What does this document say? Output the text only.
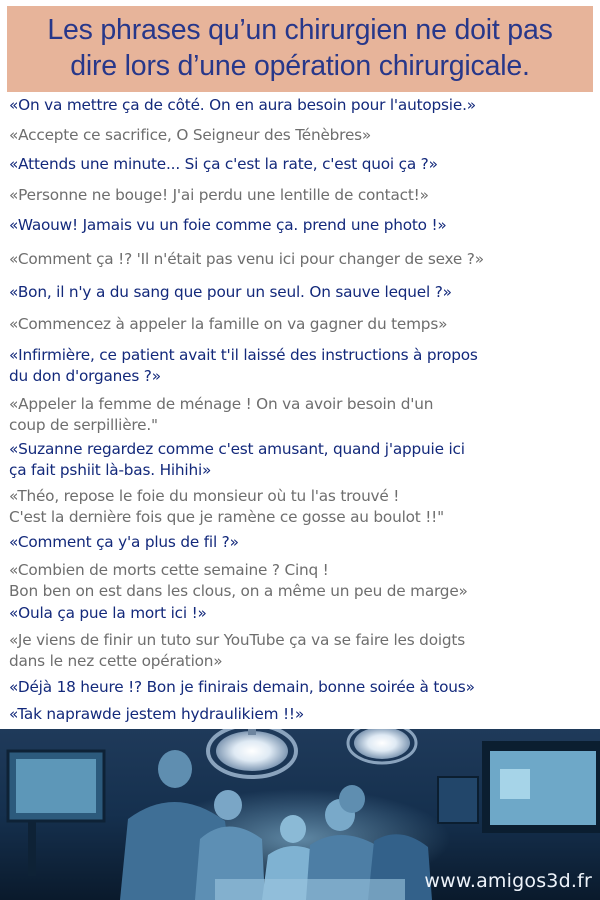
Les phrases qu’un chirurgien ne doit pas
dire lors d’une opération chirurgicale.
«On va mettre ça de côté. On en aura besoin pour l'autopsie.»
«Accepte ce sacrifice, O Seigneur des Ténèbres»
«Attends une minute... Si ça c'est la rate, c'est quoi ça ?»
«Personne ne bouge! J'ai perdu une lentille de contact!»
«Waouw! Jamais vu un foie comme ça. prend une photo !»
«Comment ça !? 'Il n'était pas venu ici pour changer de sexe ?»
«Bon, il n'y a du sang que pour un seul. On sauve lequel ?»
«Commencez à appeler la famille on va gagner du temps»
«Infirmière, ce patient avait t'il laissé des instructions à propos
du don d'organes ?»
«Appeler la femme de ménage ! On va avoir besoin d'un
coup de serpillière."
«Suzanne regardez comme c'est amusant, quand j'appuie ici
ça fait pshiit là-bas. Hihihi»
«Théo, repose le foie du monsieur où tu l'as trouvé !
C'est la dernière fois que je ramène ce gosse au boulot !!"
«Comment ça y'a plus de fil ?»
«Combien de morts cette semaine ? Cinq !
Bon ben on est dans les clous, on a même un peu de marge»
«Oula ça pue la mort ici !»
«Je viens de finir un tuto sur YouTube ça va se faire les doigts
dans le nez cette opération»
«Déjà 18 heure !? Bon je finirais demain, bonne soirée à tous»
«Tak naprawde jestem hydraulikiem !!»
www.amigos3d.fr
